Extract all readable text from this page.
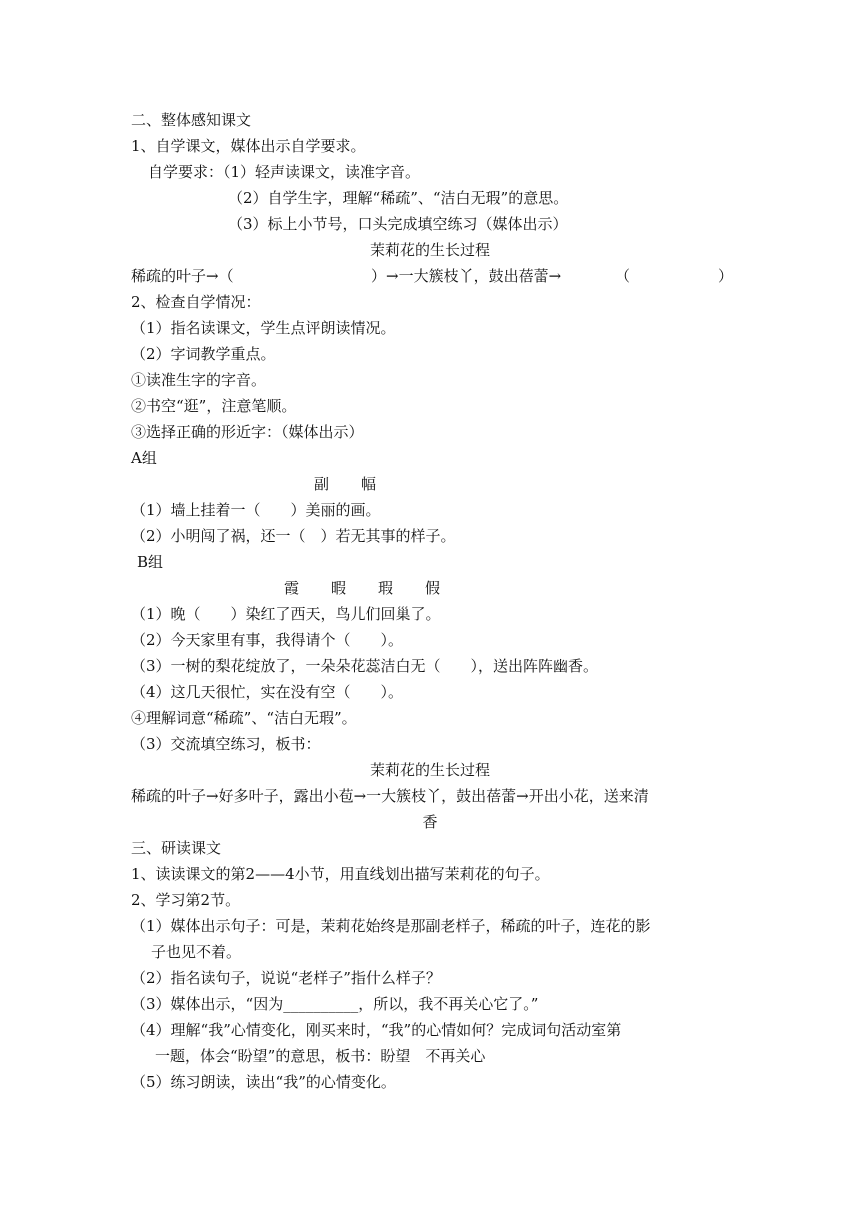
二、整体感知课文
1、自学课文，媒体出示自学要求。
自学要求：（1）轻声读课文，读准字音。
（2）自学生字，理解“稀疏”、“洁白无瑕”的意思。
（3）标上小节号，口头完成填空练习（媒体出示）
茉莉花的生长过程
稀疏的叶子→（	）→一大簇枝丫，鼓出蓓蕾→	（	）
2、检查自学情况：
（1）指名读课文，学生点评朗读情况。
（2）字词教学重点。
①读准生字的字音。
②书空“逛”，注意笔顺。
③选择正确的形近字：（媒体出示）
A组
副 幅
（1）墙上挂着一（　　）美丽的画。
（2）小明闯了祸，还一（　）若无其事的样子。
B组
霞 暇 瑕 假
（1）晚（　　）染红了西天，鸟儿们回巢了。
（2）今天家里有事，我得请个（　　）。
（3）一树的梨花绽放了，一朵朵花蕊洁白无（　　），送出阵阵幽香。
（4）这几天很忙，实在没有空（　　）。
④理解词意“稀疏”、“洁白无瑕”。
（3）交流填空练习，板书：
茉莉花的生长过程
稀疏的叶子→好多叶子，露出小苞→一大簇枝丫，鼓出蓓蕾→开出小花，送来清
香
三、研读课文
1、读读课文的第2——4小节，用直线划出描写茉莉花的句子。
2、学习第2节。
（1）媒体出示句子：可是，茉莉花始终是那副老样子，稀疏的叶子，连花的影
子也见不着。
（2）指名读句子，说说“老样子”指什么样子？
（3）媒体出示，“因为__________，所以，我不再关心它了。”
（4）理解“我”心情变化，刚买来时，“我”的心情如何？完成词句活动室第
一题，体会“盼望”的意思，板书：盼望　不再关心
（5）练习朗读，读出“我”的心情变化。
